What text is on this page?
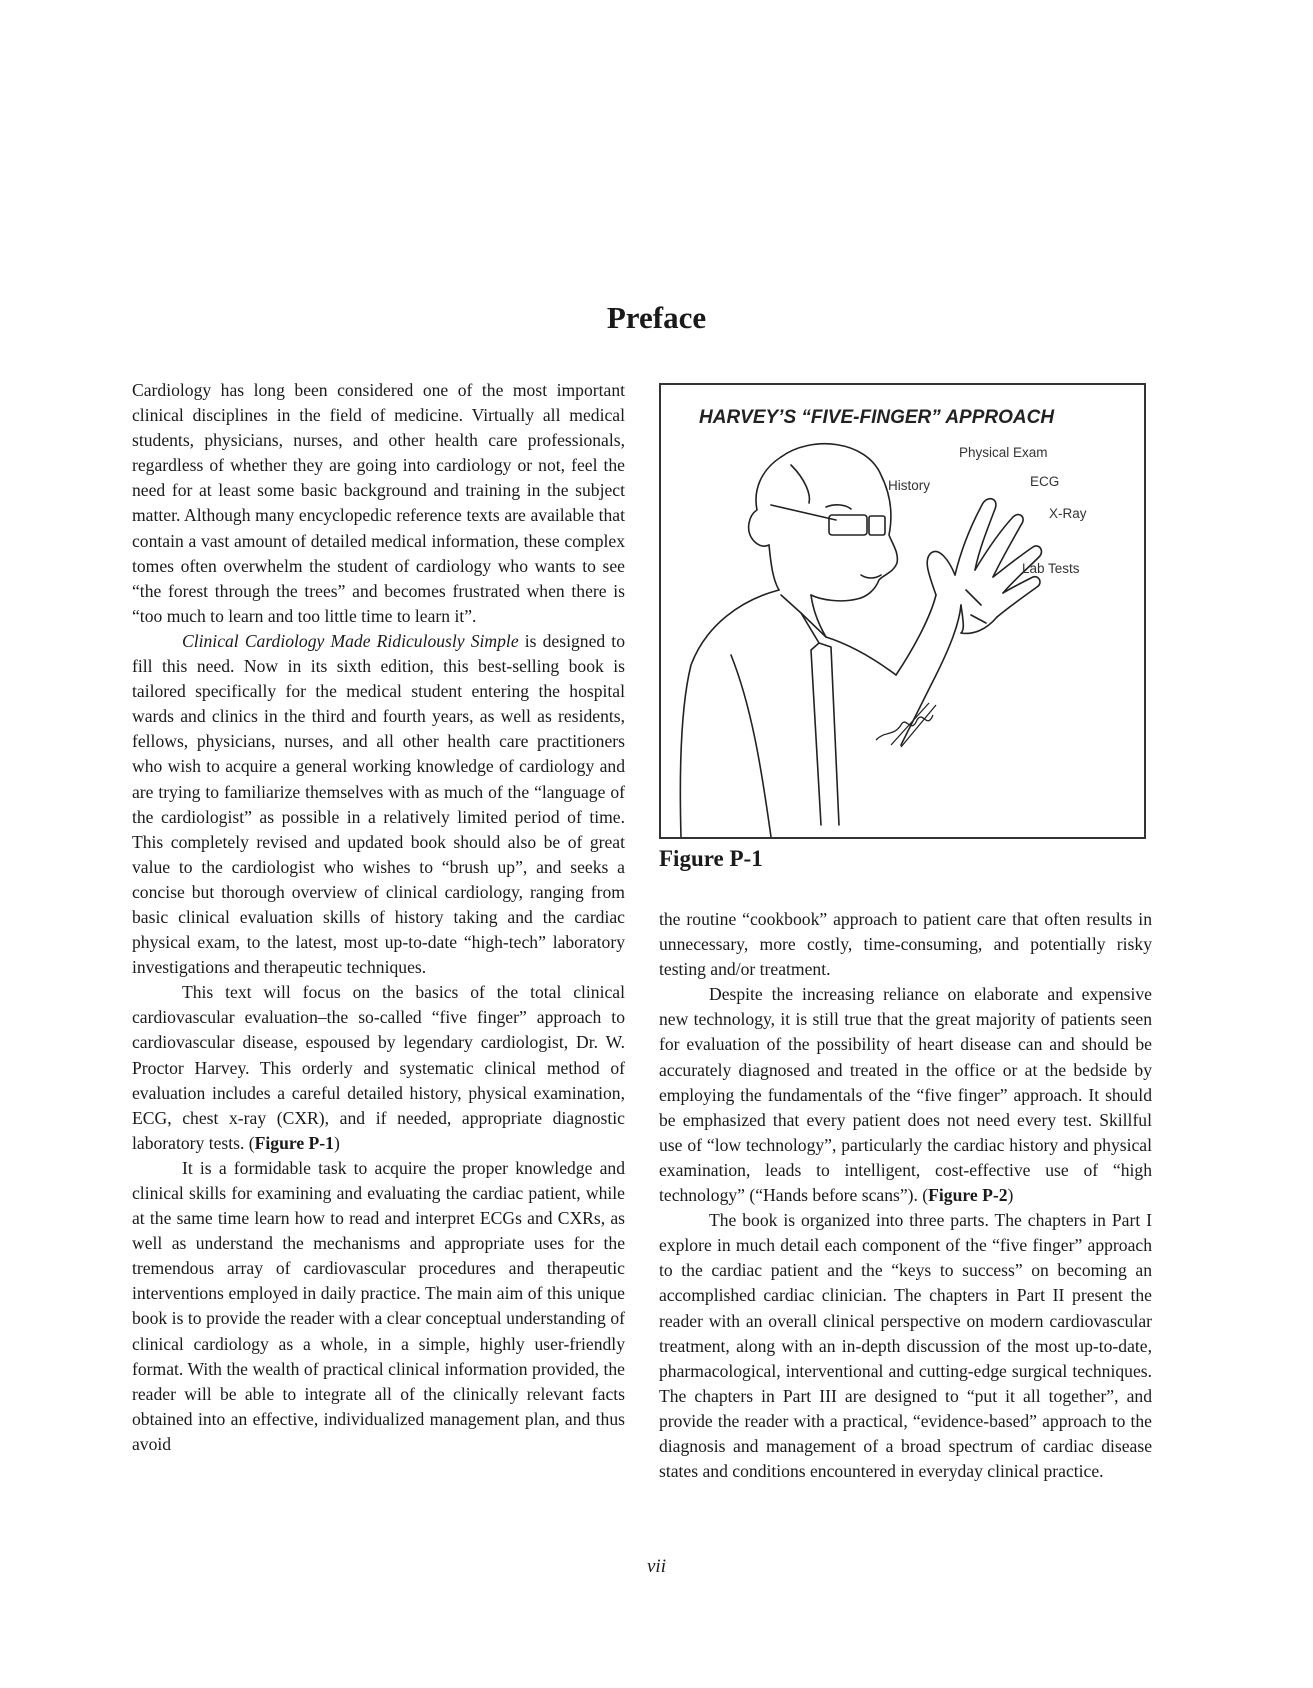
Preface

Cardiology has long been considered one of the most important clinical disciplines in the field of medicine. Virtually all medical students, physicians, nurses, and other health care professionals, regardless of whether they are going into cardiology or not, feel the need for at least some basic background and training in the subject matter. Although many encyclopedic reference texts are available that contain a vast amount of detailed medical information, these complex tomes often overwhelm the student of cardiology who wants to see “the forest through the trees” and becomes frustrated when there is “too much to learn and too little time to learn it”.

Clinical Cardiology Made Ridiculously Simple is designed to fill this need. Now in its sixth edition, this best-selling book is tailored specifically for the medical student entering the hospital wards and clinics in the third and fourth years, as well as residents, fellows, physicians, nurses, and all other health care practitioners who wish to acquire a general working knowledge of cardiology and are trying to familiarize themselves with as much of the “language of the cardiologist” as possible in a relatively limited period of time. This completely revised and updated book should also be of great value to the cardiologist who wishes to “brush up”, and seeks a concise but thorough overview of clinical cardiology, ranging from basic clinical evaluation skills of history taking and the cardiac physical exam, to the latest, most up-to-date “high-tech” laboratory investigations and therapeutic techniques.

This text will focus on the basics of the total clinical cardiovascular evaluation–the so-called “five finger” approach to cardiovascular disease, espoused by legendary cardiologist, Dr. W. Proctor Harvey. This orderly and systematic clinical method of evaluation includes a careful detailed history, physical examination, ECG, chest x-ray (CXR), and if needed, appropriate diagnostic laboratory tests. (Figure P-1)

It is a formidable task to acquire the proper knowledge and clinical skills for examining and evaluating the cardiac patient, while at the same time learn how to read and interpret ECGs and CXRs, as well as understand the mechanisms and appropriate uses for the tremendous array of cardiovascular procedures and therapeutic interventions employed in daily practice. The main aim of this unique book is to provide the reader with a clear conceptual understanding of clinical cardiology as a whole, in a simple, highly user-friendly format. With the wealth of practical clinical information provided, the reader will be able to integrate all of the clinically relevant facts obtained into an effective, individualized management plan, and thus avoid

HARVEY’S “FIVE-FINGER” APPROACH
History
Physical Exam
ECG
X-Ray
Lab Tests
Figure P-1

the routine “cookbook” approach to patient care that often results in unnecessary, more costly, time-consuming, and potentially risky testing and/or treatment.

Despite the increasing reliance on elaborate and expensive new technology, it is still true that the great majority of patients seen for evaluation of the possibility of heart disease can and should be accurately diagnosed and treated in the office or at the bedside by employing the fundamentals of the “five finger” approach. It should be emphasized that every patient does not need every test. Skillful use of “low technology”, particularly the cardiac history and physical examination, leads to intelligent, cost-effective use of “high technology” (“Hands before scans”). (Figure P-2)

The book is organized into three parts. The chapters in Part I explore in much detail each component of the “five finger” approach to the cardiac patient and the “keys to success” on becoming an accomplished cardiac clinician. The chapters in Part II present the reader with an overall clinical perspective on modern cardiovascular treatment, along with an in-depth discussion of the most up-to-date, pharmacological, interventional and cutting-edge surgical techniques. The chapters in Part III are designed to “put it all together”, and provide the reader with a practical, “evidence-based” approach to the diagnosis and management of a broad spectrum of cardiac disease states and conditions encountered in everyday clinical practice.

vii
